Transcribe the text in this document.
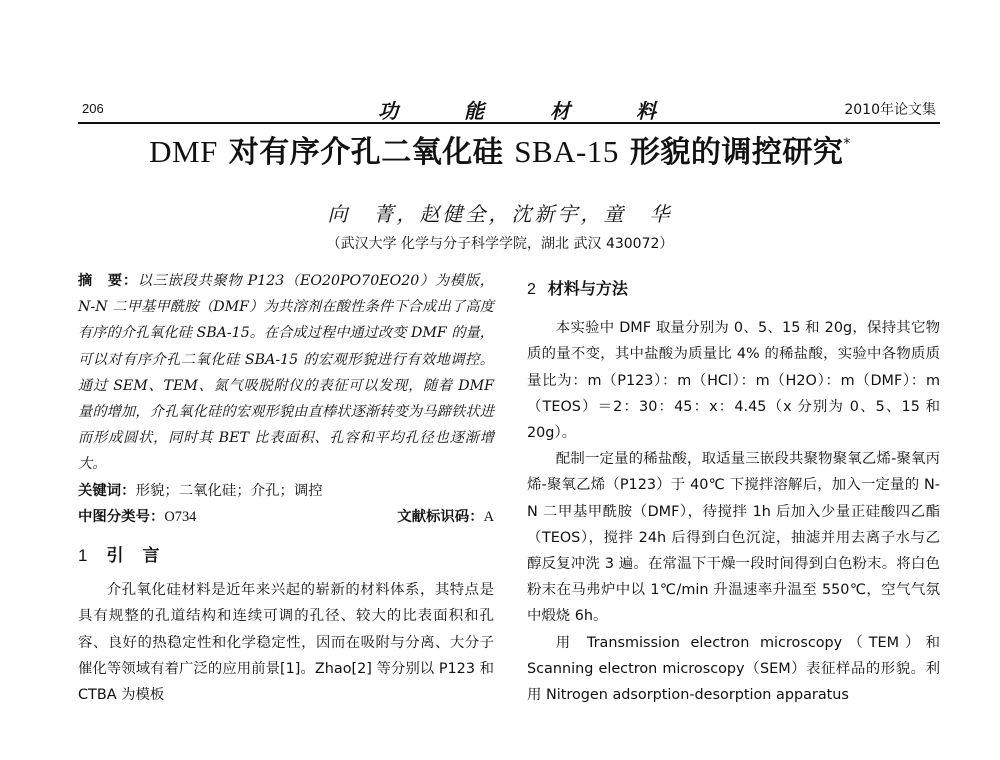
206	功	能	材	料	2010年论文集
DMF 对有序介孔二氧化硅 SBA-15 形貌的调控研究*
向　菁，赵健全，沈新宇，童　华
（武汉大学 化学与分子科学学院，湖北 武汉 430072）

摘　要：以三嵌段共聚物 P123（EO20PO70EO20）为模版，N-N 二甲基甲酰胺（DMF）为共溶剂在酸性条件下合成出了高度有序的介孔氧化硅 SBA-15。在合成过程中通过改变 DMF 的量，可以对有序介孔二氧化硅 SBA-15 的宏观形貌进行有效地调控。通过 SEM、TEM、氮气吸脱附仪的表征可以发现，随着 DMF 量的增加，介孔氧化硅的宏观形貌由直棒状逐渐转变为马蹄铁状进而形成圆状，同时其 BET 比表面积、孔容和平均孔径也逐渐增大。

关键词： 形貌；二氧化硅；介孔；调控
中图分类号： O734	文献标识码： A
1 引　言

介孔氧化硅材料是近年来兴起的崭新的材料体系，其特点是具有规整的孔道结构和连续可调的孔径、较大的比表面积和孔容、良好的热稳定性和化学稳定性，因而在吸附与分离、大分子催化等领域有着广泛的应用前景[1]。Zhao[2] 等分别以 P123 和 CTBA 为模板

2 材料与方法

本实验中 DMF 取量分别为 0、5、15 和 20g，保持其它物质的量不变，其中盐酸为质量比 4% 的稀盐酸，实验中各物质质量比为：m（P123）：m（HCl）：m（H2O）：m（DMF）：m（TEOS）＝2：30：45：x：4.45（x 分别为 0、5、15 和 20g）。

配制一定量的稀盐酸，取适量三嵌段共聚物聚氧乙烯-聚氧丙烯-聚氧乙烯（P123）于 40℃ 下搅拌溶解后，加入一定量的 N-N 二甲基甲酰胺（DMF），待搅拌 1h 后加入少量正硅酸四乙酯（TEOS），搅拌 24h 后得到白色沉淀，抽滤并用去离子水与乙醇反复冲洗 3 遍。在常温下干燥一段时间得到白色粉末。将白色粉末在马弗炉中以 1℃/min 升温速率升温至 550℃，空气气氛中煅烧 6h。

用 Transmission electron microscopy（TEM）和 Scanning electron microscopy（SEM）表征样品的形貌。利用 Nitrogen adsorption-desorption apparatus
